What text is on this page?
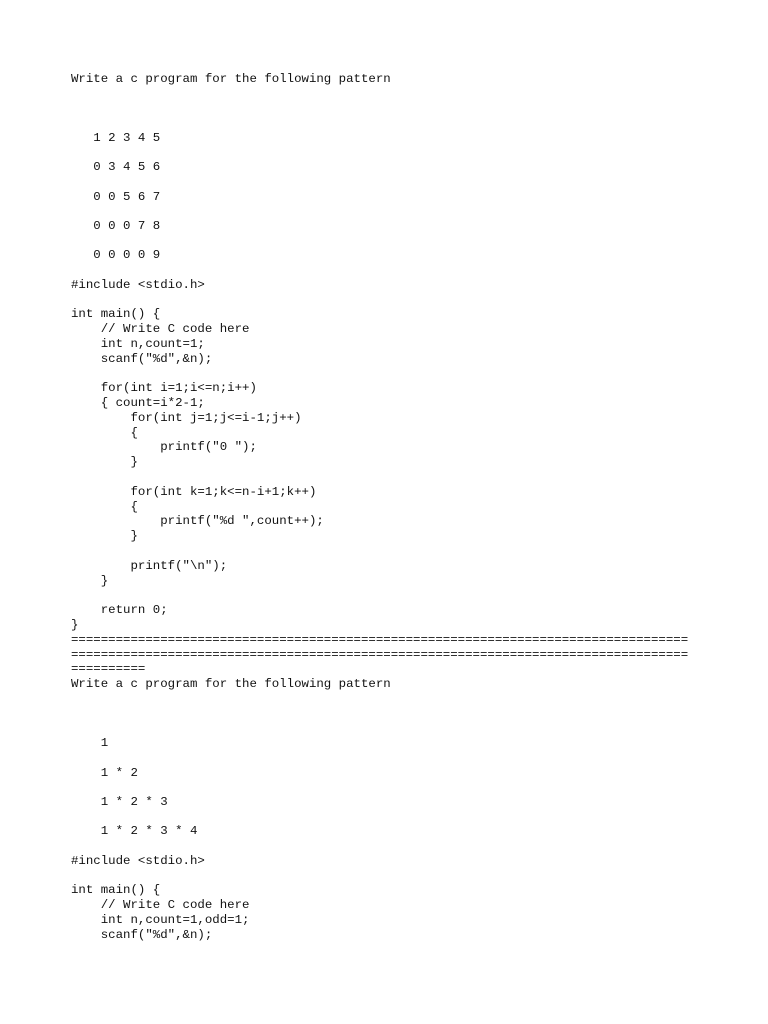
Write a c program for the following pattern
1 2 3 4 5
0 3 4 5 6
0 0 5 6 7
0 0 0 7 8
0 0 0 0 9
#include <stdio.h>
int main() {
// Write C code here
int n,count=1;
scanf("%d",&n);
for(int i=1;i<=n;i++)
{ count=i*2-1;
for(int j=1;j<=i-1;j++)
{
printf("0 ");
}
for(int k=1;k<=n-i+1;k++)
{
printf("%d ",count++);
}
printf("\n");
}
return 0;
}
===================================================================================
===================================================================================
==========
Write a c program for the following pattern
1
1 * 2
1 * 2 * 3
1 * 2 * 3 * 4
#include <stdio.h>
int main() {
// Write C code here
int n,count=1,odd=1;
scanf("%d",&n);
